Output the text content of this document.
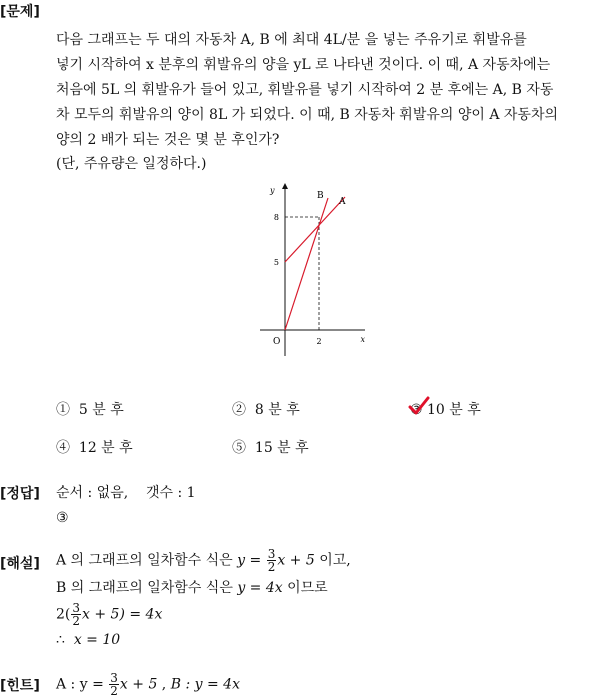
[문제]
다음 그래프는 두 대의 자동차 A, B 에 최대 4L/분 을 넣는 주유기로 휘발유를
넣기 시작하여 x 분후의 휘발유의 양을 yL 로 나타낸 것이다. 이 때, A 자동차에는
처음에 5L 의 휘발유가 들어 있고, 휘발유를 넣기 시작하여 2 분 후에는 A, B 자동
차 모두의 휘발유의 양이 8L 가 되었다. 이 때, B 자동차 휘발유의 양이 A 자동차의
양의 2 배가 되는 것은 몇 분 후인가?
(단, 주유량은 일정하다.)
y
x
O
8
5
2
B
A
① 5 분 후	② 8 분 후	③ 10 분 후
④ 12 분 후	⑤ 15 분 후
[정답] 순서 : 없음, 갯수 : 1
③
[해설] A 의 그래프의 일차함수 식은 $y = \frac{3}{2}$ x + 5 이고,
B 의 그래프의 일차함수 식은 y = 4x 이므로
$2( \frac{3}{2}$ x + 5) = 4x
∴ x = 10
[힌트] A : $y = \frac{3}{2}$ x + 5 , B : y = 4x
